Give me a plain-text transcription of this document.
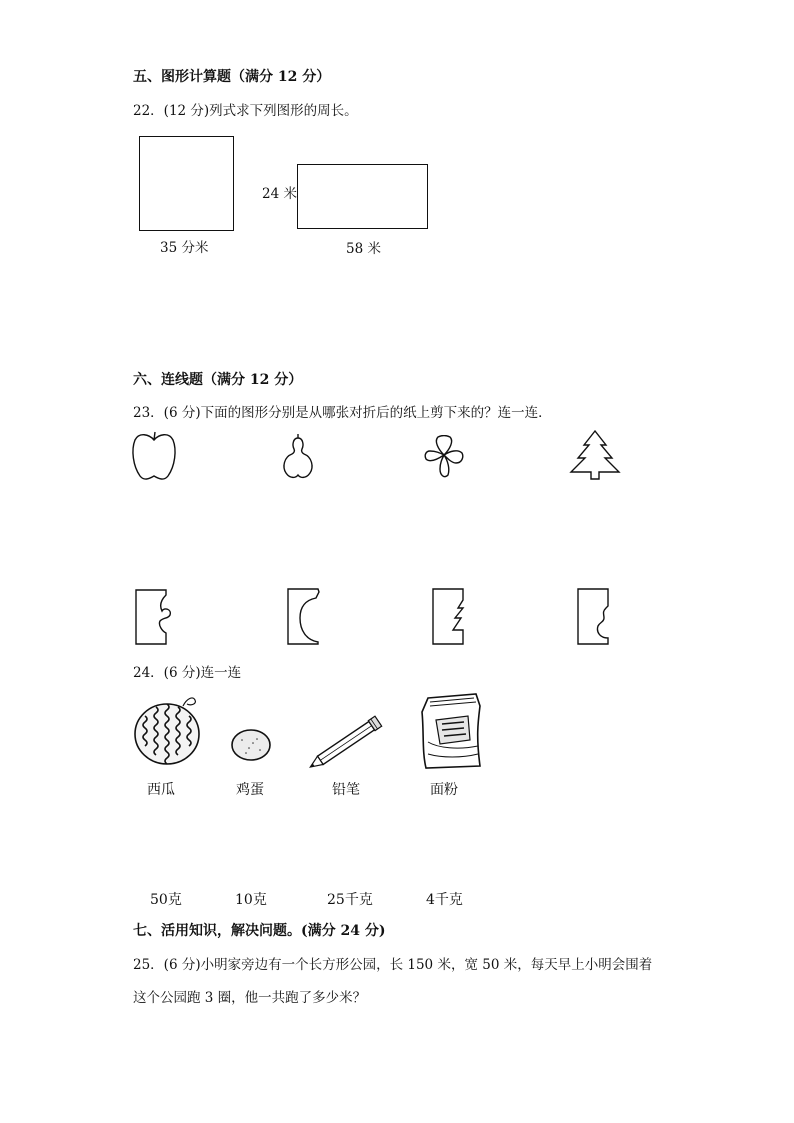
五、图形计算题（满分 12 分）
22．(12 分)列式求下列图形的周长。
35 分米
24 米
58 米
六、连线题（满分 12 分）
23．(6 分)下面的图形分别是从哪张对折后的纸上剪下来的？连一连．
24．(6 分)连一连
西瓜	鸡蛋	铅笔	面粉
50克	10克	25千克	4千克
七、活用知识，解决问题。(满分 24 分)
25．(6 分)小明家旁边有一个长方形公园，长 150 米，宽 50 米，每天早上小明会围着
这个公园跑 3 圈，他一共跑了多少米？
